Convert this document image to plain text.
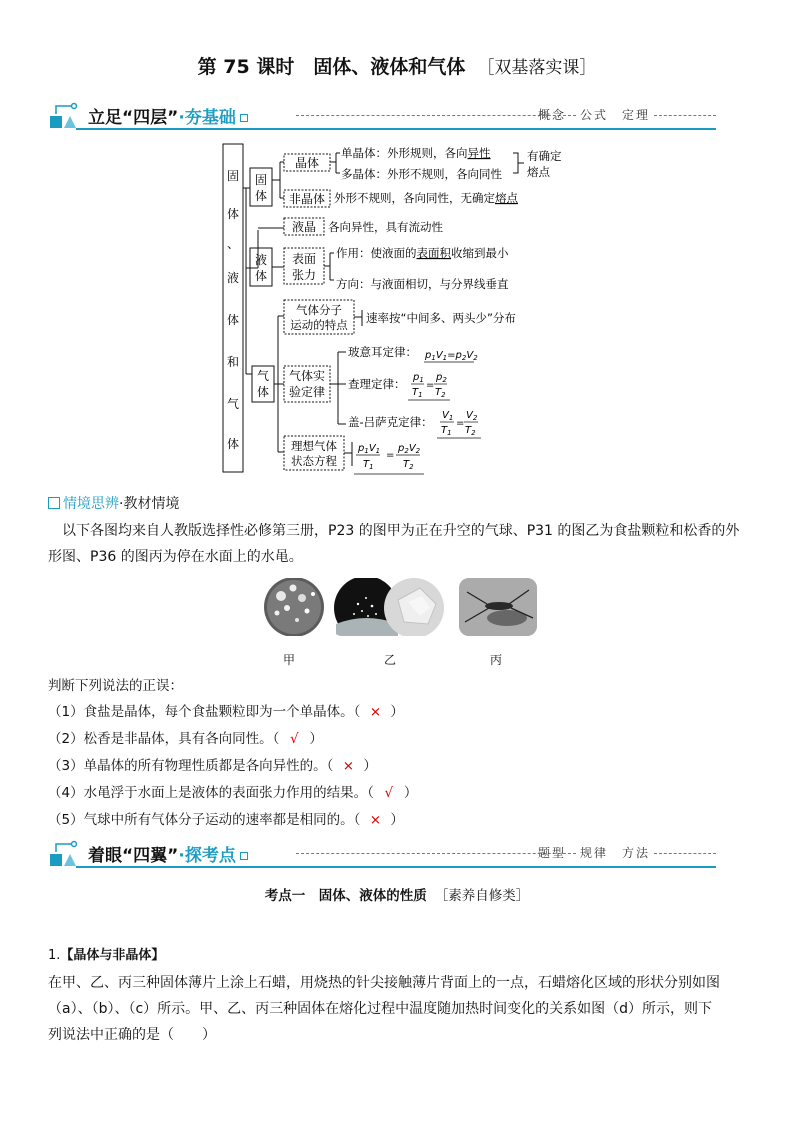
第 75 课时　固体、液体和气体 ［双基落实课］
立足“四层”·夯基础	概念　公式　定理
固
体
、
液
体
和
气
体
固
体
晶体
单晶体：外形规则，各向异性
多晶体：外形不规则，各向同性
有确定
熔点
非晶体 外形不规则，各向同性，无确定熔点
液晶 各向异性，具有流动性
液
体
表面
张力
作用：使液面的表面积收缩到最小
方向：与液面相切，与分界线垂直
气
体
气体分子
运动的特点 速率按“中间多、两头少”分布
气体实
验定律
玻意耳定律： $p_1V_1=p_2V_2$
查理定律： $p_1$
$T_1$
=
$p_2$
$T_2$
盖-吕萨克定律： $V_1$
$T_1$
=
$V_2$
$T_2$
理想气体
状态方程
$p_1V_1$
$T_1$
=
$p_2V_2$
$T_2$
情境思辨·教材情境
以下各图均来自人教版选择性必修第三册，P23 的图甲为正在升空的气球、P31 的图乙为食盐颗粒和松香的外形图、P36 的图丙为停在水面上的水黾。
甲	乙	丙
判断下列说法的正误：
（1）食盐是晶体，每个食盐颗粒即为一个单晶体。（ × ）
（2）松香是非晶体，具有各向同性。（ √ ）
（3）单晶体的所有物理性质都是各向异性的。（ × ）
（4）水黾浮于水面上是液体的表面张力作用的结果。（ √ ）
（5）气球中所有气体分子运动的速率都是相同的。（ × ）
着眼“四翼”·探考点	题型　规律　方法
考点一　固体、液体的性质 ［素养自修类］
1.【晶体与非晶体】
在甲、乙、丙三种固体薄片上涂上石蜡，用烧热的针尖接触薄片背面上的一点，石蜡熔化区域的形状分别如图
（a）、（b）、（c）所示。甲、乙、丙三种固体在熔化过程中温度随加热时间变化的关系如图（d）所示，则下
列说法中正确的是（　　）
